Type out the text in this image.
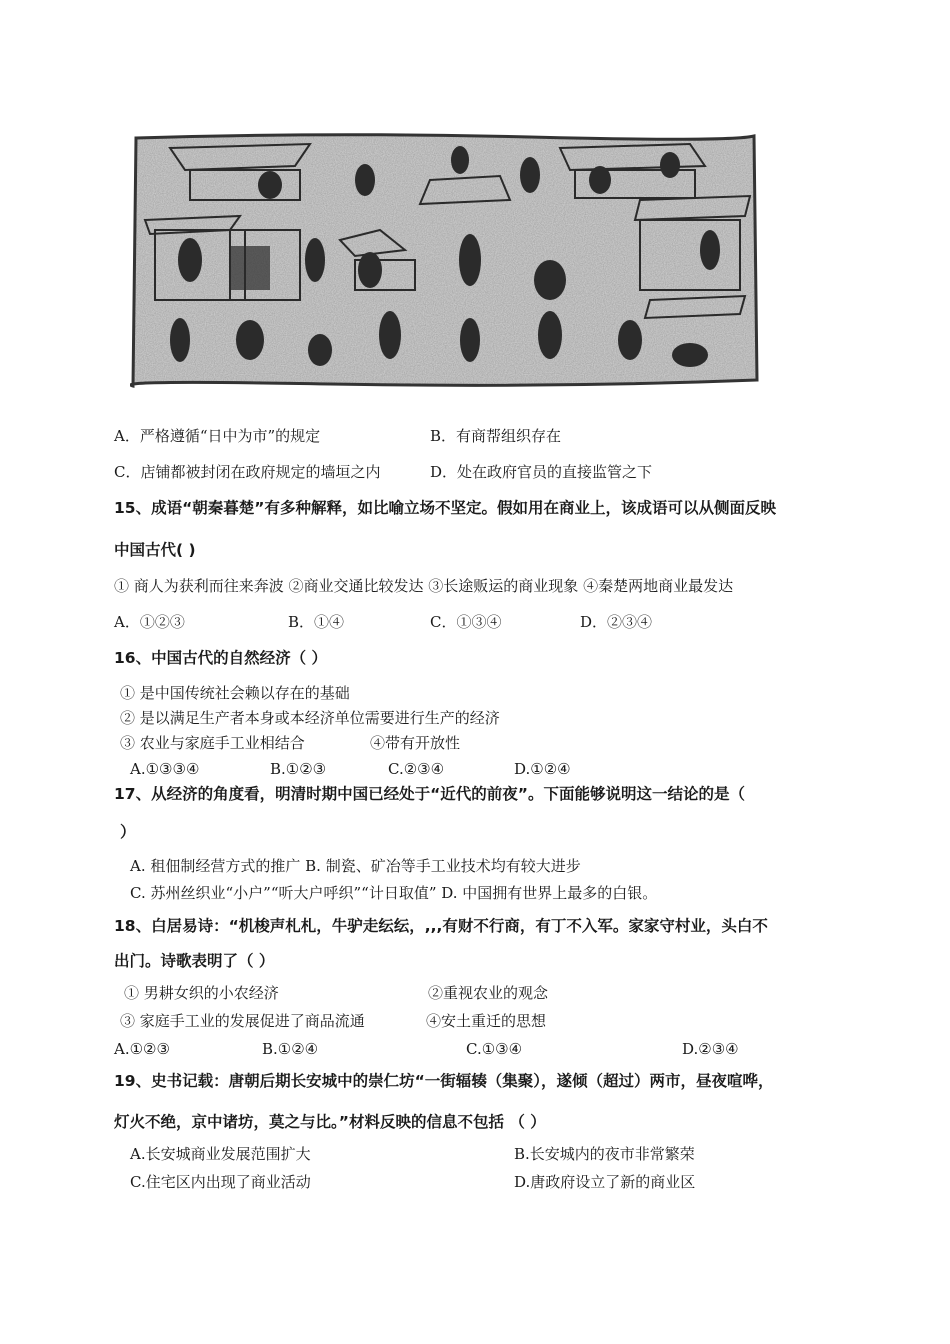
A．严格遵循“日中为市”的规定	B．有商帮组织存在
C．店铺都被封闭在政府规定的墙垣之内	D．处在政府官员的直接监管之下
15、成语“朝秦暮楚”有多种解释，如比喻立场不坚定。假如用在商业上，该成语可以从侧面反映
中国古代( )
① 商人为获利而往来奔波 ②商业交通比较发达 ③长途贩运的商业现象 ④秦楚两地商业最发达
A．①②③	B．①④	C．①③④	D．②③④
16、中国古代的自然经济（ ）
① 是中国传统社会赖以存在的基础
② 是以满足生产者本身或本经济单位需要进行生产的经济
③ 农业与家庭手工业相结合	④带有开放性
A.①③③④	B.①②③	C.②③④	D.①②④
17、从经济的角度看，明清时期中国已经处于“近代的前夜”。下面能够说明这一结论的是（
）
A. 租佃制经营方式的推广 B. 制瓷、矿冶等手工业技术均有较大进步
C. 苏州丝织业“小户”“听大户呼织”“计日取值” D. 中国拥有世界上最多的白银。
18、白居易诗：“机梭声札札，牛驴走纭纭，,,,有财不行商，有丁不入军。家家守村业，头白不
出门。诗歌表明了（ ）
① 男耕女织的小农经济	②重视农业的观念
③ 家庭手工业的发展促进了商品流通	④安土重迁的思想
A.①②③	B.①②④	C.①③④	D.②③④
19、史书记载：唐朝后期长安城中的崇仁坊“一街辐辏（集聚），遂倾（超过）两市，昼夜喧哗，
灯火不绝，京中诸坊，莫之与比。”材料反映的信息不包括 （ ）
A.长安城商业发展范围扩大	B.长安城内的夜市非常繁荣
C.住宅区内出现了商业活动	D.唐政府设立了新的商业区
